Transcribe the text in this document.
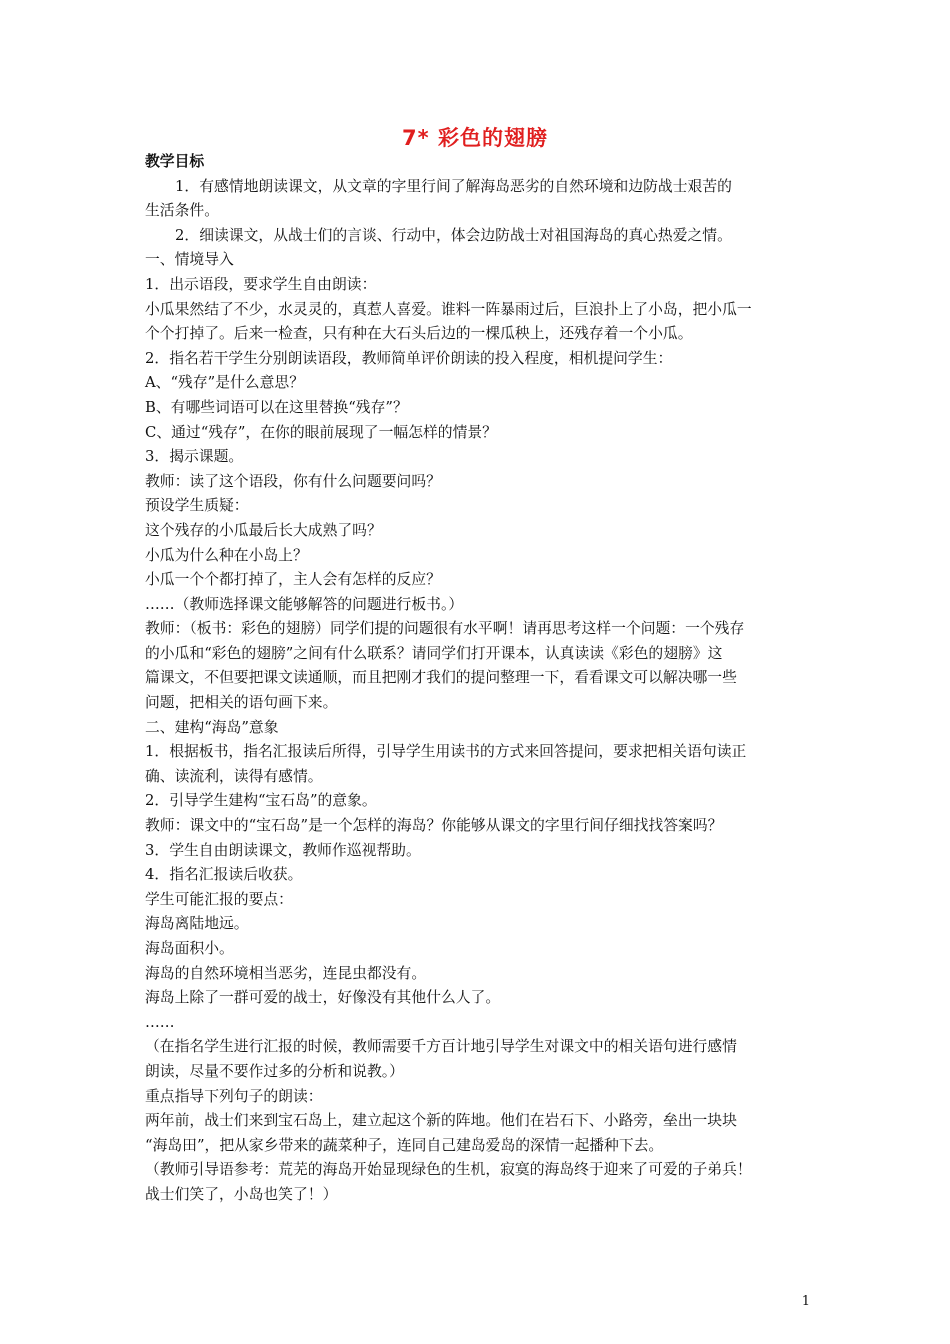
7* 彩色的翅膀
教学目标
1．有感情地朗读课文，从文章的字里行间了解海岛恶劣的自然环境和边防战士艰苦的
生活条件。
2．细读课文，从战士们的言谈、行动中，体会边防战士对祖国海岛的真心热爱之情。
一、情境导入
1．出示语段，要求学生自由朗读：
小瓜果然结了不少，水灵灵的，真惹人喜爱。谁料一阵暴雨过后，巨浪扑上了小岛，把小瓜一
个个打掉了。后来一检查，只有种在大石头后边的一棵瓜秧上，还残存着一个小瓜。
2．指名若干学生分别朗读语段，教师简单评价朗读的投入程度，相机提问学生：
A、“残存”是什么意思？
B、有哪些词语可以在这里替换“残存”？
C、通过“残存”，在你的眼前展现了一幅怎样的情景？
3．揭示课题。
教师：读了这个语段，你有什么问题要问吗？
预设学生质疑：
这个残存的小瓜最后长大成熟了吗？
小瓜为什么种在小岛上？
小瓜一个个都打掉了，主人会有怎样的反应？
……（教师选择课文能够解答的问题进行板书。）
教师：（板书：彩色的翅膀）同学们提的问题很有水平啊！请再思考这样一个问题：一个残存
的小瓜和“彩色的翅膀”之间有什么联系？请同学们打开课本，认真读读《彩色的翅膀》这
篇课文，不但要把课文读通顺，而且把刚才我们的提问整理一下，看看课文可以解决哪一些
问题，把相关的语句画下来。
二、建构“海岛”意象
1．根据板书，指名汇报读后所得，引导学生用读书的方式来回答提问，要求把相关语句读正
确、读流利，读得有感情。
2．引导学生建构“宝石岛”的意象。
教师：课文中的“宝石岛”是一个怎样的海岛？你能够从课文的字里行间仔细找找答案吗？
3．学生自由朗读课文，教师作巡视帮助。
4．指名汇报读后收获。
学生可能汇报的要点：
海岛离陆地远。
海岛面积小。
海岛的自然环境相当恶劣，连昆虫都没有。
海岛上除了一群可爱的战士，好像没有其他什么人了。
……
（在指名学生进行汇报的时候，教师需要千方百计地引导学生对课文中的相关语句进行感情
朗读，尽量不要作过多的分析和说教。）
重点指导下列句子的朗读：
两年前，战士们来到宝石岛上，建立起这个新的阵地。他们在岩石下、小路旁，垒出一块块
“海岛田”，把从家乡带来的蔬菜种子，连同自己建岛爱岛的深情一起播种下去。
（教师引导语参考：荒芜的海岛开始显现绿色的生机，寂寞的海岛终于迎来了可爱的子弟兵！
战士们笑了，小岛也笑了！）
1
